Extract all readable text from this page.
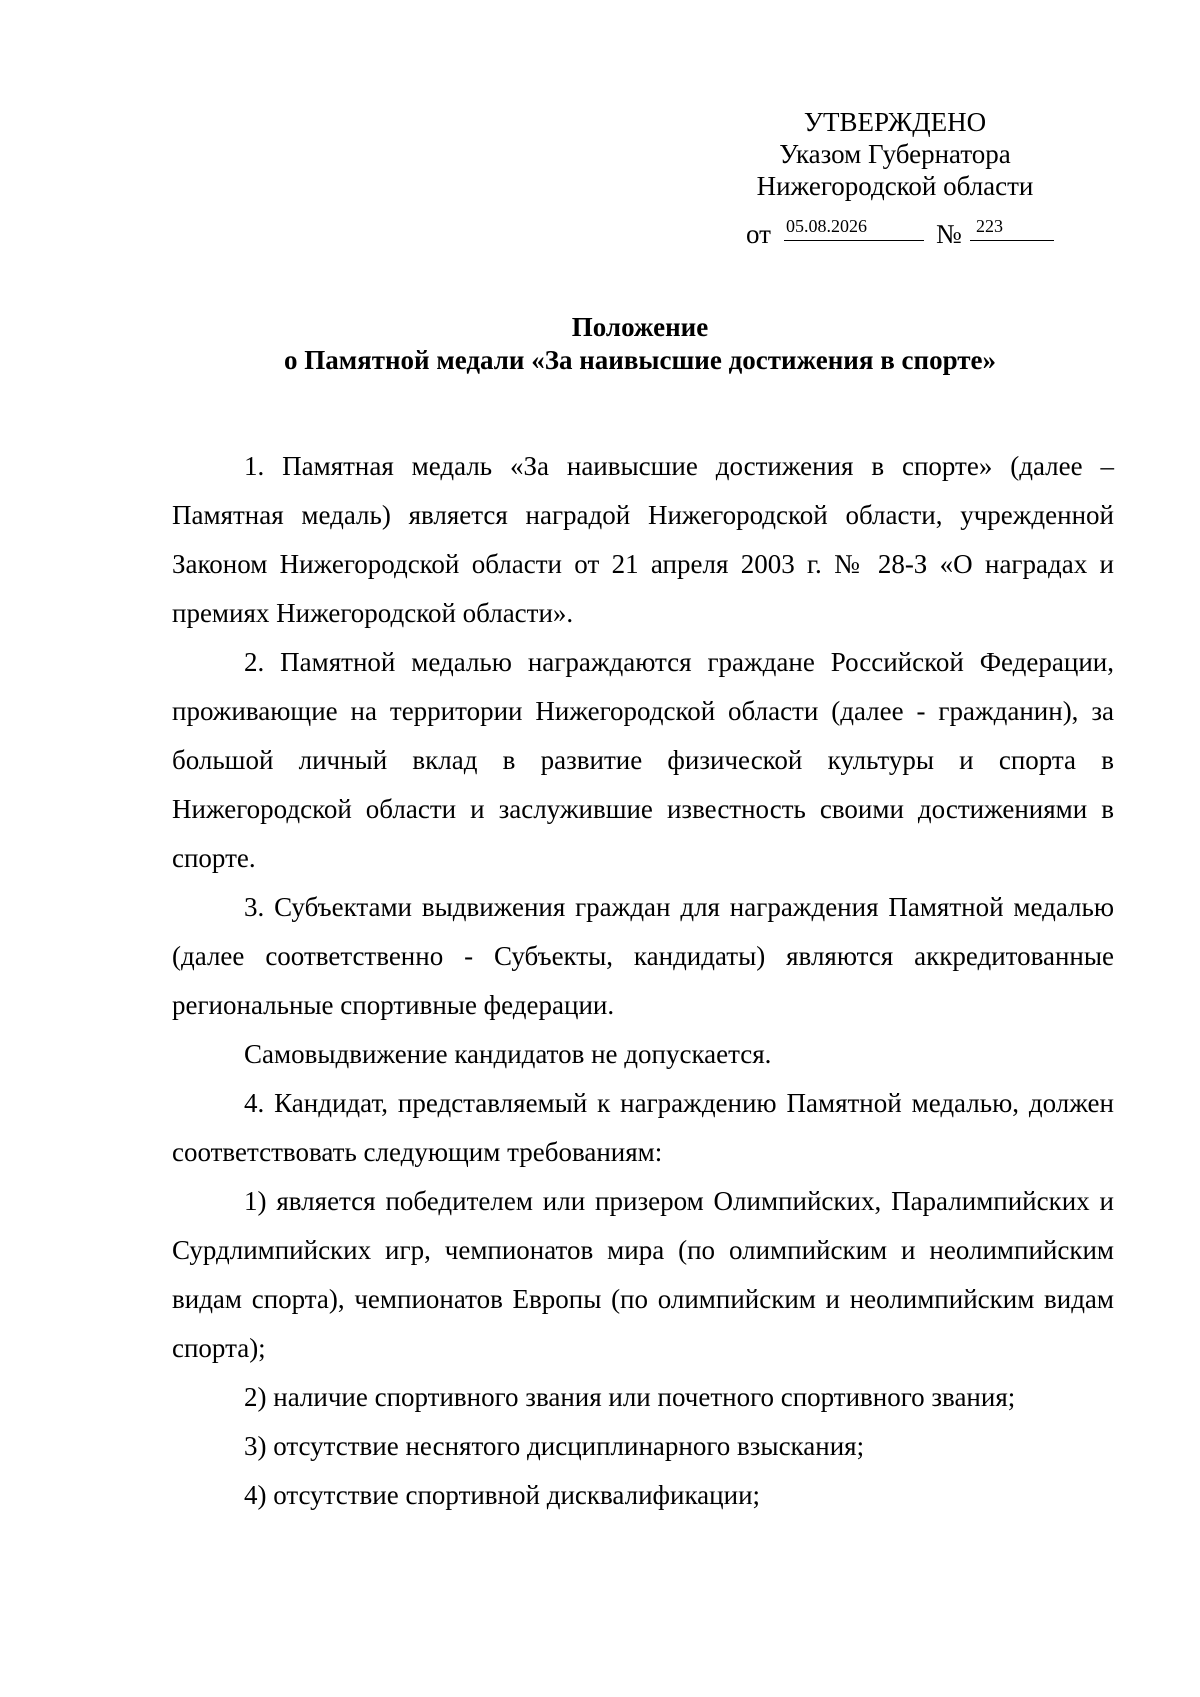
УТВЕРЖДЕНО
Указом Губернатора
Нижегородской области
от 05.08.2026	№ 223
Положение
о Памятной медали «За наивысшие достижения в спорте»

1. Памятная медаль «За наивысшие достижения в спорте» (далее – Памятная медаль) является наградой Нижегородской области, учрежденной Законом Нижегородской области от 21 апреля 2003 г. № 28-З «О наградах и премиях Нижегородской области».

2. Памятной медалью награждаются граждане Российской Федерации, проживающие на территории Нижегородской области (далее - гражданин), за большой личный вклад в развитие физической культуры и спорта в Нижегородской области и заслужившие известность своими достижениями в спорте.

3. Субъектами выдвижения граждан для награждения Памятной медалью (далее соответственно - Субъекты, кандидаты) являются аккредитованные региональные спортивные федерации.

Самовыдвижение кандидатов не допускается.

4. Кандидат, представляемый к награждению Памятной медалью, должен соответствовать следующим требованиям:

1) является победителем или призером Олимпийских, Паралимпийских и Сурдлимпийских игр, чемпионатов мира (по олимпийским и неолимпийским видам спорта), чемпионатов Европы (по олимпийским и неолимпийским видам спорта);

2) наличие спортивного звания или почетного спортивного звания;

3) отсутствие неснятого дисциплинарного взыскания;

4) отсутствие спортивной дисквалификации;
